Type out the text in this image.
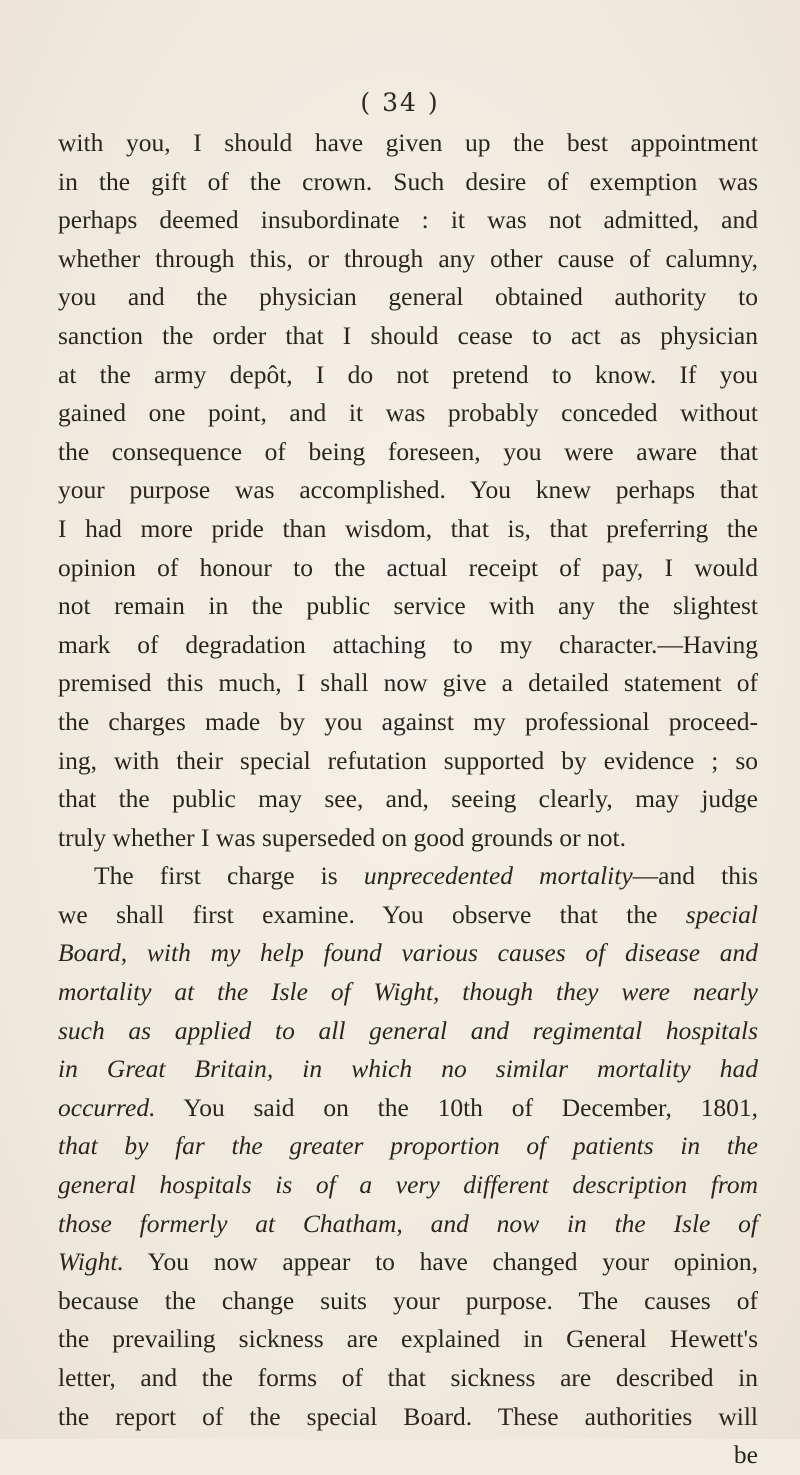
( 34 )
with you, I should have given up the best appointment
in the gift of the crown. Such desire of exemption was
perhaps deemed insubordinate : it was not admitted, and
whether through this, or through any other cause of calumny,
you and the physician general obtained authority to
sanction the order that I should cease to act as physician
at the army depôt, I do not pretend to know. If you
gained one point, and it was probably conceded without
the consequence of being foreseen, you were aware that
your purpose was accomplished. You knew perhaps that
I had more pride than wisdom, that is, that preferring the
opinion of honour to the actual receipt of pay, I would
not remain in the public service with any the slightest
mark of degradation attaching to my character.—Having
premised this much, I shall now give a detailed statement of
the charges made by you against my professional proceed-
ing, with their special refutation supported by evidence ; so
that the public may see, and, seeing clearly, may judge
truly whether I was superseded on good grounds or not.
The first charge is unprecedented mortality—and this
we shall first examine. You observe that the special
Board, with my help found various causes of disease and
mortality at the Isle of Wight, though they were nearly
such as applied to all general and regimental hospitals
in Great Britain, in which no similar mortality had
occurred. You said on the 10th of December, 1801,
that by far the greater proportion of patients in the
general hospitals is of a very different description from
those formerly at Chatham, and now in the Isle of
Wight. You now appear to have changed your opinion,
because the change suits your purpose. The causes of
the prevailing sickness are explained in General Hewett's
letter, and the forms of that sickness are described in
the report of the special Board. These authorities will
be
